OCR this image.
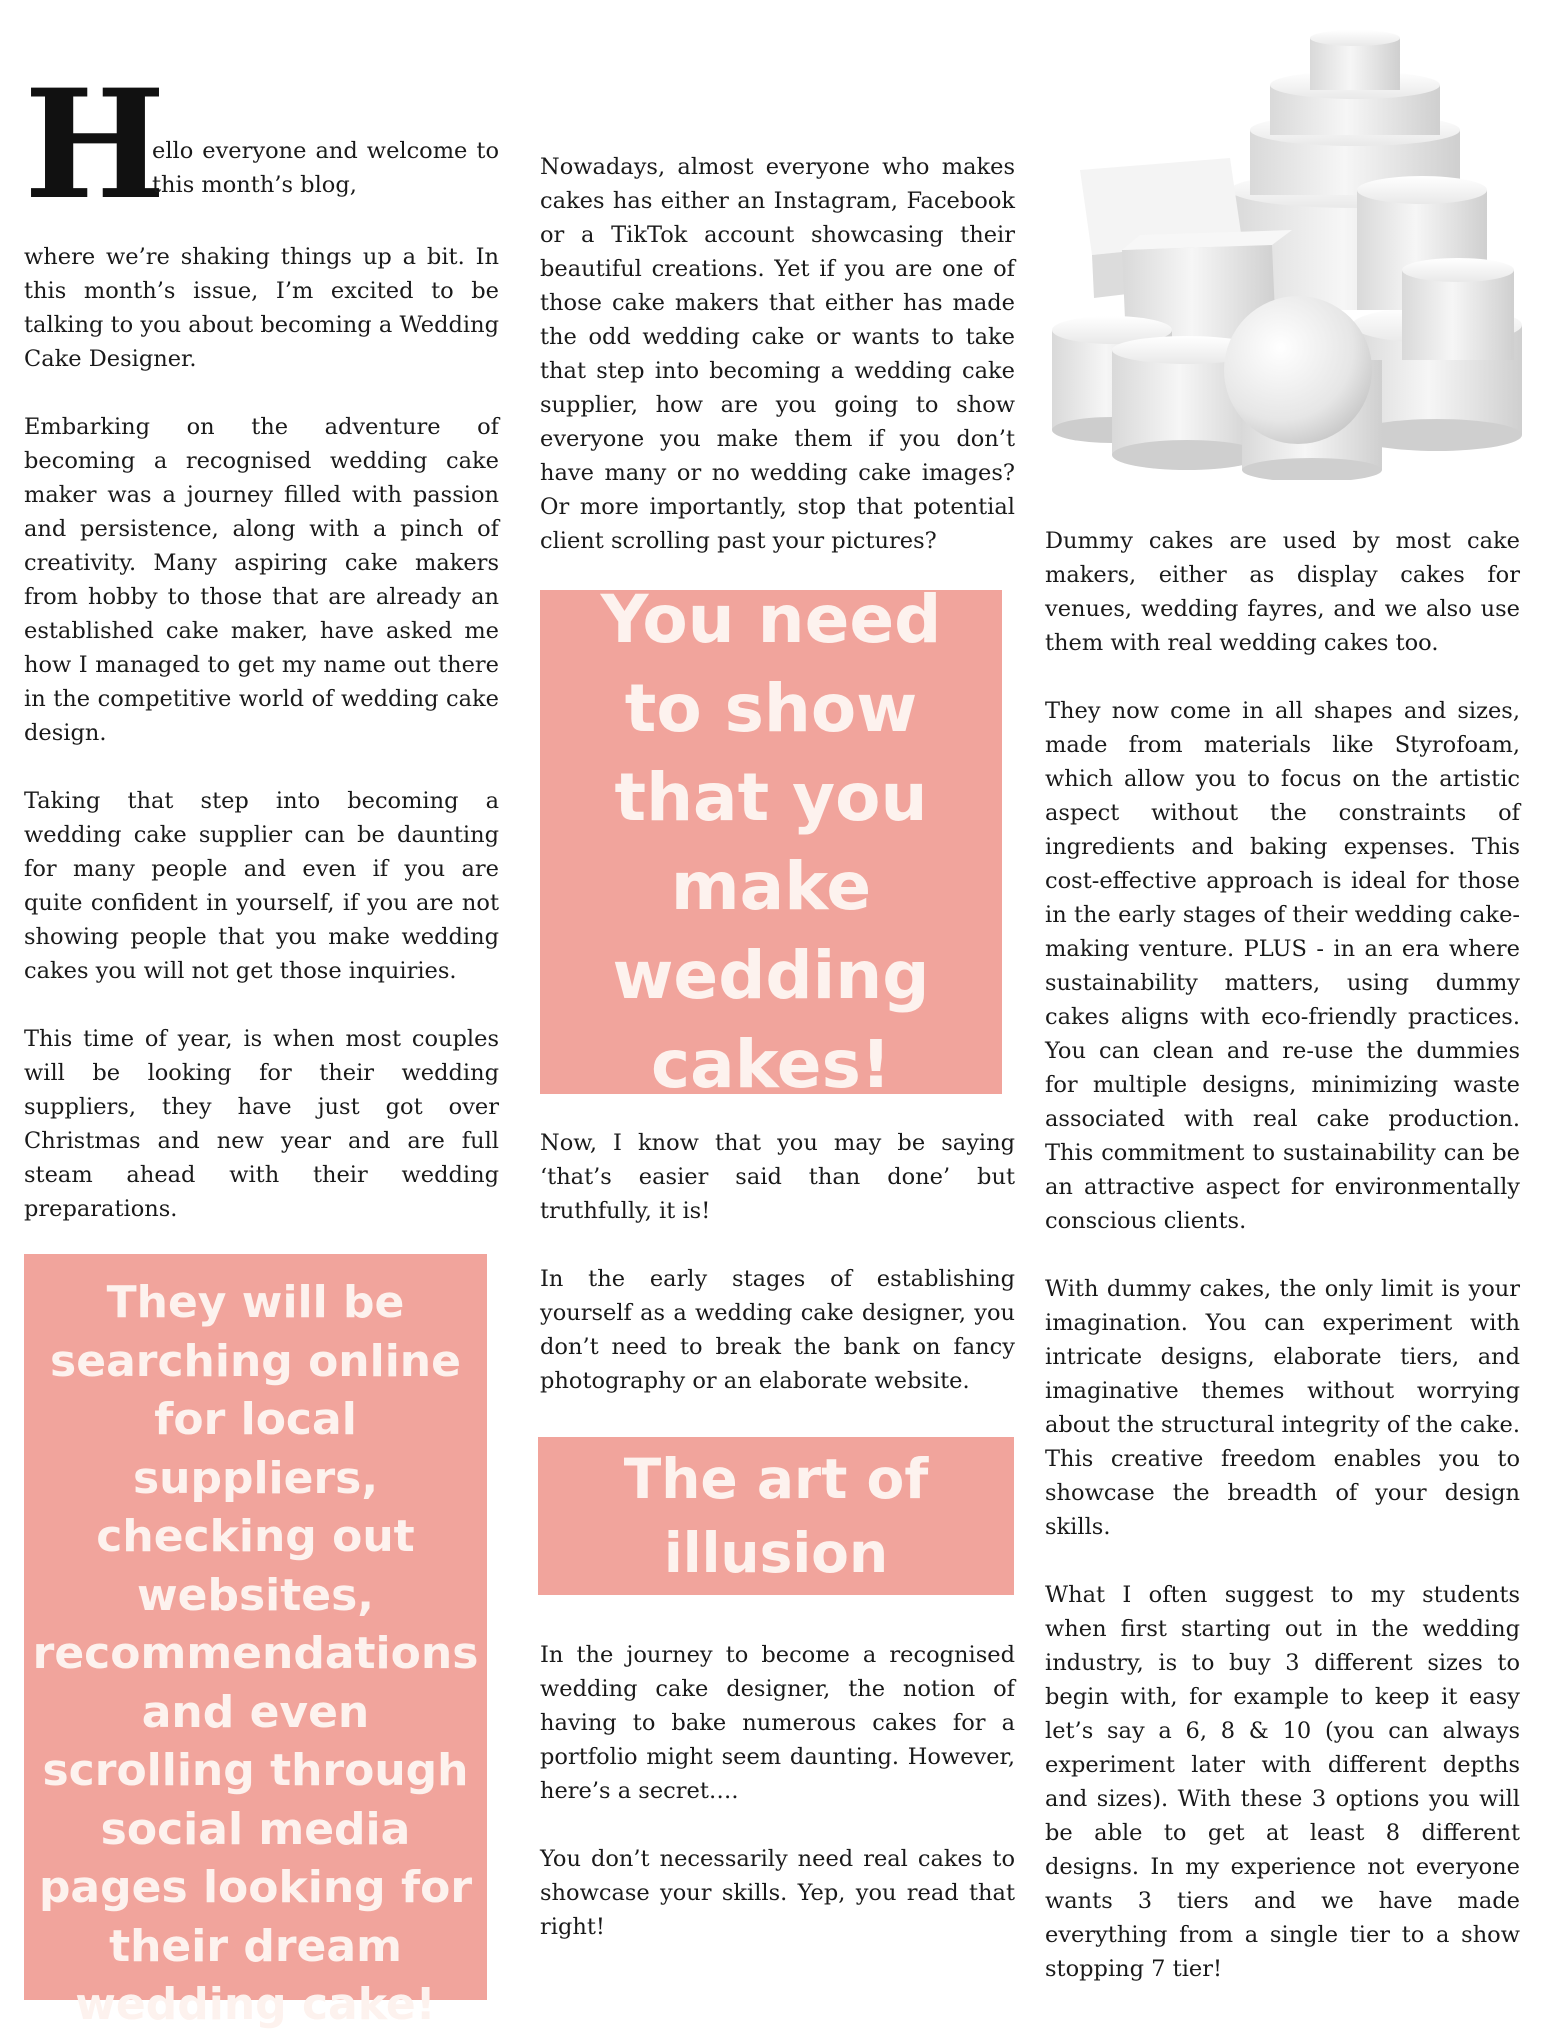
H
ello everyone and welcome to this month’s blog,

where we’re shaking things up a bit. In this month’s issue, I’m excited to be talking to you about becoming a Wedding Cake Designer.

Embarking on the adventure of becoming a recognised wedding cake maker was a journey filled with passion and persistence, along with a pinch of creativity. Many aspiring cake makers from hobby to those that are already an established cake maker, have asked me how I managed to get my name out there in the competitive world of wedding cake design.

Taking that step into becoming a wedding cake supplier can be daunting for many people and even if you are quite confident in yourself, if you are not showing people that you make wedding cakes you will not get those inquiries.

This time of year, is when most couples will be looking for their wedding suppliers, they have just got over Christmas and new year and are full steam ahead with their wedding preparations.

They will be searching online for local suppliers, checking out websites, recommendations and even scrolling through social media pages looking for their dream wedding cake!

Nowadays, almost everyone who makes cakes has either an Instagram, Facebook or a TikTok account showcasing their beautiful creations. Yet if you are one of those cake makers that either has made the odd wedding cake or wants to take that step into becoming a wedding cake supplier, how are you going to show everyone you make them if you don’t have many or no wedding cake images? Or more importantly, stop that potential client scrolling past your pictures?

You need to show that you make wedding cakes!

Now, I know that you may be saying ‘that’s easier said than done’ but truthfully, it is!

In the early stages of establishing yourself as a wedding cake designer, you don’t need to break the bank on fancy photography or an elaborate website.

The art of illusion

In the journey to become a recognised wedding cake designer, the notion of having to bake numerous cakes for a portfolio might seem daunting. However, here’s a secret….

You don’t necessarily need real cakes to showcase your skills. Yep, you read that right!

Dummy cakes are used by most cake makers, either as display cakes for venues, wedding fayres, and we also use them with real wedding cakes too.

They now come in all shapes and sizes, made from materials like Styrofoam, which allow you to focus on the artistic aspect without the constraints of ingredients and baking expenses. This cost-effective approach is ideal for those in the early stages of their wedding cake-making venture. PLUS - in an era where sustainability matters, using dummy cakes aligns with eco-friendly practices. You can clean and re-use the dummies for multiple designs, minimizing waste associated with real cake production. This commitment to sustainability can be an attractive aspect for environmentally conscious clients.

With dummy cakes, the only limit is your imagination. You can experiment with intricate designs, elaborate tiers, and imaginative themes without worrying about the structural integrity of the cake. This creative freedom enables you to showcase the breadth of your design skills.

What I often suggest to my students when first starting out in the wedding industry, is to buy 3 different sizes to begin with, for example to keep it easy let’s say a 6, 8 & 10 (you can always experiment later with different depths and sizes). With these 3 options you will be able to get at least 8 different designs. In my experience not everyone wants 3 tiers and we have made everything from a single tier to a show stopping 7 tier!
